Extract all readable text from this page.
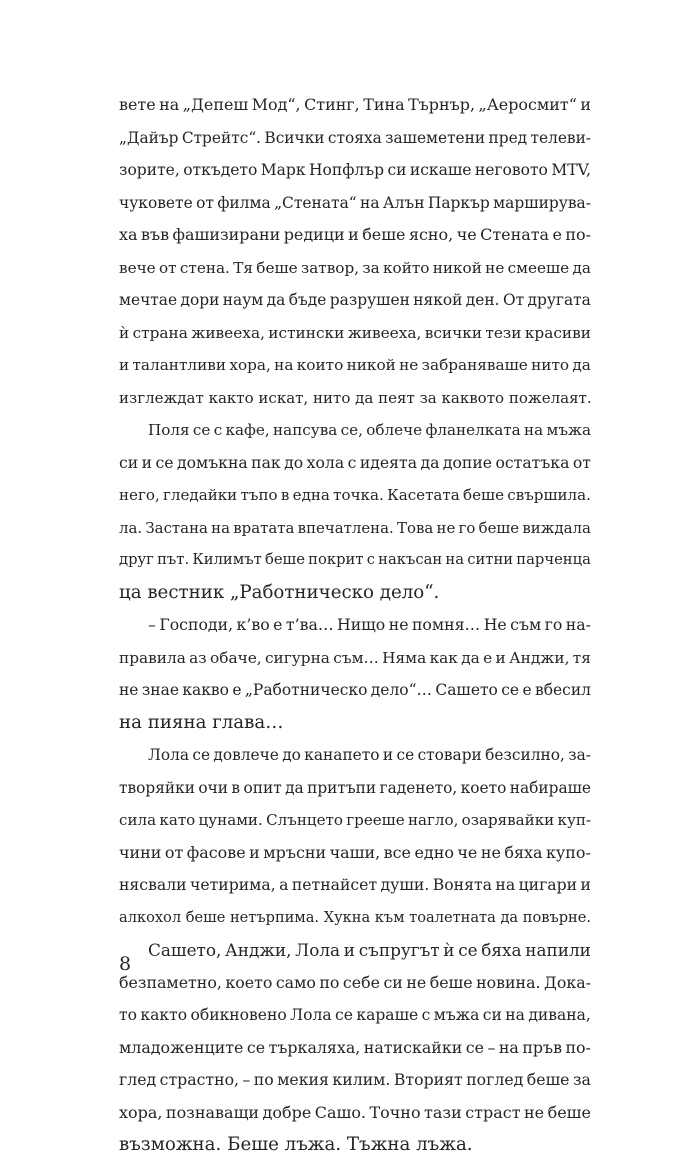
вете на „Депеш Мод“, Стинг, Тина Търнър, „Аеросмит“ и
„Дайър Стрейтс“. Всички стояха зашеметени пред телеви-
зорите, откъдето Марк Нопфлър си искаше неговото MTV,
чуковете от филма „Стената“ на Алън Паркър марширува-
ха във фашизирани редици и беше ясно, че Стената е по-
вече от стена. Тя беше затвор, за който никой не смееше да
мечтае дори наум да бъде разрушен някой ден. От другата
ѝ страна живееха, истински живееха, всички тези красиви
и талантливи хора, на които никой не забраняваше нито да
изглеждат както искат, нито да пеят за каквото пожелаят.
Поля се с кафе, напсува се, облече фланелката на мъжа
си и се домъкна пак до хола с идеята да допие остатъка от
него, гледайки тъпо в една точка. Касетата беше свършила.
ла. Застана на вратата впечатлена. Това не го беше виждала
друг път. Килимът беше покрит с накъсан на ситни парченца
ца вестник „Работническо дело“.
– Господи, к’во е т’ва… Нищо не помня… Не съм го на-
правила аз обаче, сигурна съм… Няма как да е и Анджи, тя
не знае какво е „Работническо дело“… Сашето се е вбесил
на пияна глава…
Лола се довлече до канапето и се стовари безсилно, за-
творяйки очи в опит да притъпи гаденето, което набираше
сила като цунами. Слънцето грееше нагло, озарявайки куп-
чини от фасове и мръсни чаши, все едно че не бяха купо-
нясвали четирима, а петнайсет души. Вонята на цигари и
алкохол беше нетърпима. Хукна към тоалетната да повърне.
Сашето, Анджи, Лола и съпругът ѝ се бяха напили
безпаметно, което само по себе си не беше новина. Дока-
то както обикновено Лола се караше с мъжа си на дивана,
младоженците се търкаляха, натискайки се – на пръв по-
глед страстно, – по мекия килим. Вторият поглед беше за
хора, познаващи добре Сашо. Точно тази страст не беше
възможна. Беше лъжа. Тъжна лъжа.
8
